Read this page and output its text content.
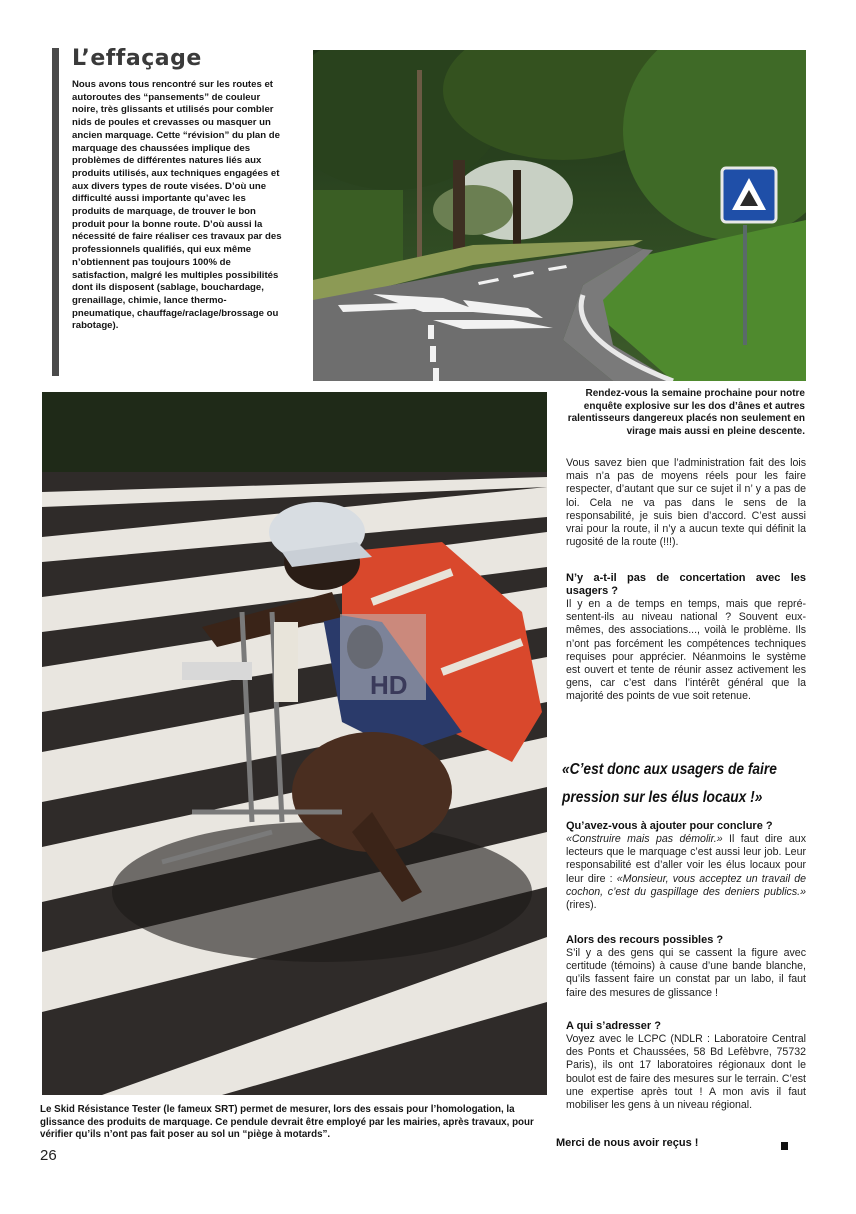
L’effaçage
Nous avons tous rencontré sur les routes et autoroutes des “pansements” de couleur noire, très glissants et utilisés pour combler nids de poules et crevasses ou masquer un ancien marquage. Cette “révision” du plan de marquage des chaussées implique des problèmes de différentes natures liés aux produits utilisés, aux techniques engagées et aux divers types de route visées. D’où une difficulté aussi importante qu’avec les produits de marquage, de trouver le bon produit pour la bonne route. D’où aussi la nécessité de faire réaliser ces travaux par des professionnels qualifiés, qui eux même n’obtiennent pas toujours 100% de satisfaction, malgré les multiples possibilités dont ils disposent (sablage, bouchardage, grenaillage, chimie, lance thermo-pneumatique, chauffage/raclage/brossage ou rabotage).
Rendez-vous la semaine prochaine pour notre enquête explosive sur les dos d’ânes et autres ralentisseurs dangereux placés non seulement en virage mais aussi en pleine descente.
HD
Le Skid Résistance Tester (le fameux SRT) permet de mesurer, lors des essais pour l’homologation, la glissance des produits de marquage. Ce pendule devrait être employé par les mairies, après travaux, pour vérifier qu’ils n’ont pas fait poser au sol un “piège à motards”.
Vous savez bien que l’administration fait des lois mais n’a pas de moyens réels pour les faire respecter, d’autant que sur ce sujet il n’ y a pas de loi. Cela ne va pas dans le sens de la responsabilité, je suis bien d’accord. C’est aussi vrai pour la route, il n’y a aucun texte qui définit la rugosité de la route (!!!).
N’y a-t-il pas de concertation avec les usagers ?
Il y en a de temps en temps, mais que représentent-ils au niveau national ? Souvent eux-mêmes, des associations..., voilà le problème. Ils n’ont pas forcément les compétences techniques requises pour apprécier. Néanmoins le système est ouvert et tente de réunir assez activement les gens, car c’est dans l’intérêt général que la majorité des points de vue soit retenue.
«C’est donc aux usagers de faire pression sur les élus locaux !»
Qu’avez-vous à ajouter pour conclure ?
«Construire mais pas démolir.» Il faut dire aux lecteurs que le marquage c’est aussi leur job. Leur responsabilité est d’aller voir les élus locaux pour leur dire : «Monsieur, vous acceptez un travail de cochon, c’est du gaspillage des deniers publics.» (rires).
Alors des recours possibles ?
S’il y a des gens qui se cassent la figure avec certitude (témoins) à cause d’une bande blanche, qu’ils fassent faire un constat par un labo, il faut faire des mesures de glissance !
A qui s’adresser ?
Voyez avec le LCPC (NDLR : Laboratoire Central des Ponts et Chaussées, 58 Bd Lefèbvre, 75732 Paris), ils ont 17 laboratoires régionaux dont le boulot est de faire des mesures sur le terrain. C’est une expertise après tout ! A mon avis il faut mobiliser les gens à un niveau régional.
Merci de nous avoir reçus !
26
